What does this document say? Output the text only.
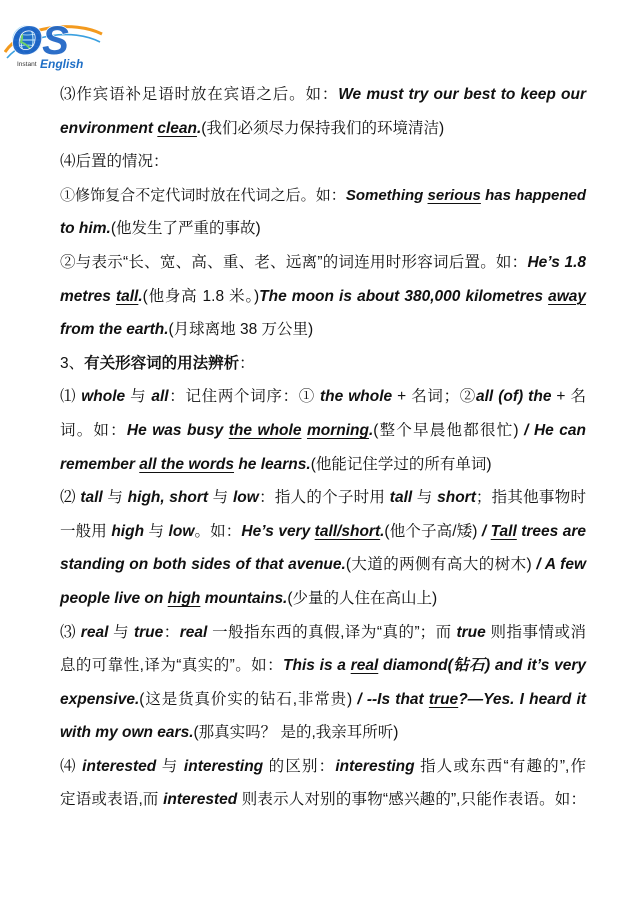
OS
Instant English
⑶作宾语补足语时放在宾语之后。如：We must try our best to keep our
environment clean.(我们必须尽力保持我们的环境清洁)
⑷后置的情况：
①修饰复合不定代词时放在代词之后。如：Something serious has happened
to him.(他发生了严重的事故)
②与表示“长、宽、高、重、老、远离”的词连用时形容词后置。如：He’s 1.8
metres tall.(他身高 1.8 米。)The moon is about 380,000 kilometres away
from the earth.(月球离地 38 万公里)
3、有关形容词的用法辨析：
⑴ whole 与 all：记住两个词序：① the whole + 名词；②all (of) the + 名
词。如：He was busy the whole morning.(整个早晨他都很忙) / He can
remember all the words he learns.(他能记住学过的所有单词)
⑵ tall 与 high, short 与 low：指人的个子时用 tall 与 short；指其他事物时
一般用 high 与 low。如：He’s very tall/short.(他个子高/矮) / Tall trees are
standing on both sides of that avenue.(大道的两侧有高大的树木) / A few
people live on high mountains.(少量的人住在高山上)
⑶ real 与 true：real 一般指东西的真假,译为“真的”；而 true 则指事情或消
息的可靠性,译为“真实的”。如：This is a real diamond(钻石) and it’s very
expensive.(这是货真价实的钻石,非常贵) / --Is that true?—Yes. I heard it
with my own ears.(那真实吗？ 是的,我亲耳所听)
⑷ interested 与 interesting 的区别：interesting 指人或东西“有趣的”,作
定语或表语,而 interested 则表示人对别的事物“感兴趣的”,只能作表语。如：
